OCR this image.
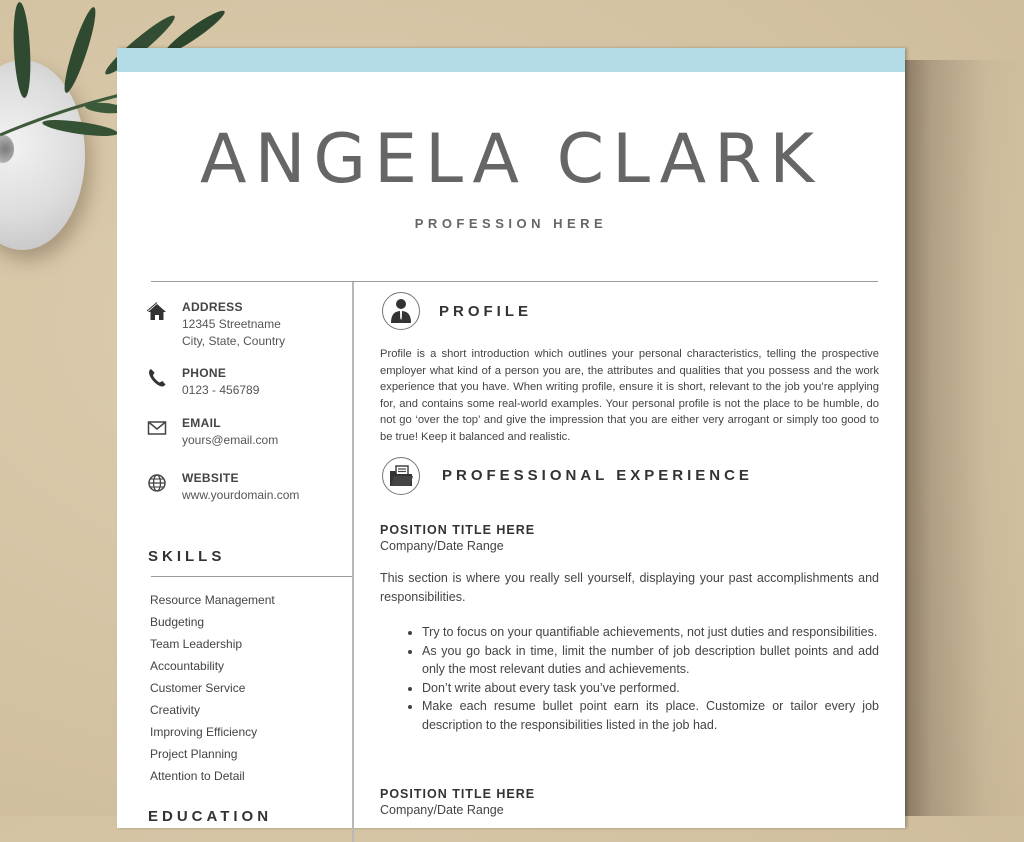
ANGELA CLARK
PROFESSION HERE
ADDRESS
12345 Streetname
City, State, Country
PHONE
0123 - 456789
EMAIL
yours@email.com
WEBSITE
www.yourdomain.com
SKILLS
Resource Management
Budgeting
Team Leadership
Accountability
Customer Service
Creativity
Improving Efficiency
Project Planning
Attention to Detail
EDUCATION
PROFILE

Profile is a short introduction which outlines your personal characteristics, telling the prospective employer what kind of a person you are, the attributes and qualities that you possess and the work experience that you have. When writing profile, ensure it is short, relevant to the job you’re applying for, and contains some real-world examples. Your personal profile is not the place to be humble, do not go ‘over the top’ and give the impression that you are either very arrogant or simply too good to be true! Keep it balanced and realistic.

PROFESSIONAL EXPERIENCE
POSITION TITLE HERE
Company/Date Range

This section is where you really sell yourself, displaying your past accomplishments and responsibilities.

• Try to focus on your quantifiable achievements, not just duties and responsibilities.
• As you go back in time, limit the number of job description bullet points and add only the most relevant duties and achievements.
• Don’t write about every task you’ve performed.
• Make each resume bullet point earn its place. Customize or tailor every job description to the responsibilities listed in the job had.
POSITION TITLE HERE
Company/Date Range
